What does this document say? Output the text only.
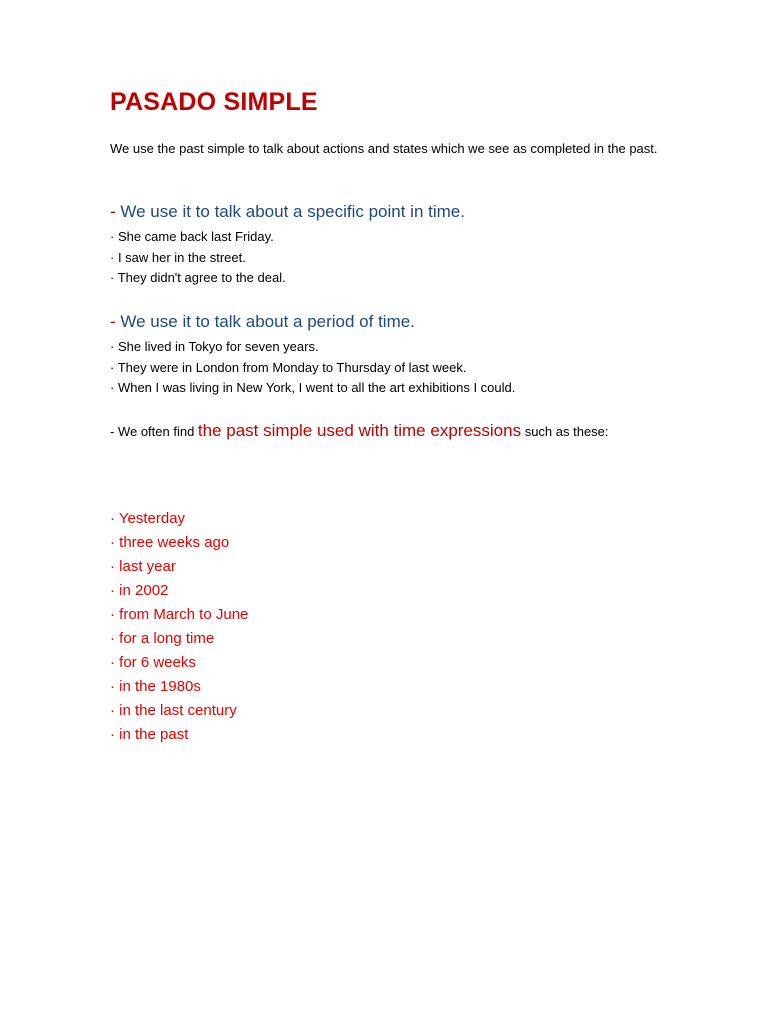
PASADO SIMPLE

We use the past simple to talk about actions and states which we see as completed in the past.

- We use it to talk about a specific point in time.

· She came back last Friday.
· I saw her in the street.
· They didn't agree to the deal.

- We use it to talk about a period of time.

· She lived in Tokyo for seven years.
· They were in London from Monday to Thursday of last week.
· When I was living in New York, I went to all the art exhibitions I could.

- We often find the past simple used with time expressions such as these:

· Yesterday
· three weeks ago
· last year
· in 2002
· from March to June
· for a long time
· for 6 weeks
· in the 1980s
· in the last century
· in the past
